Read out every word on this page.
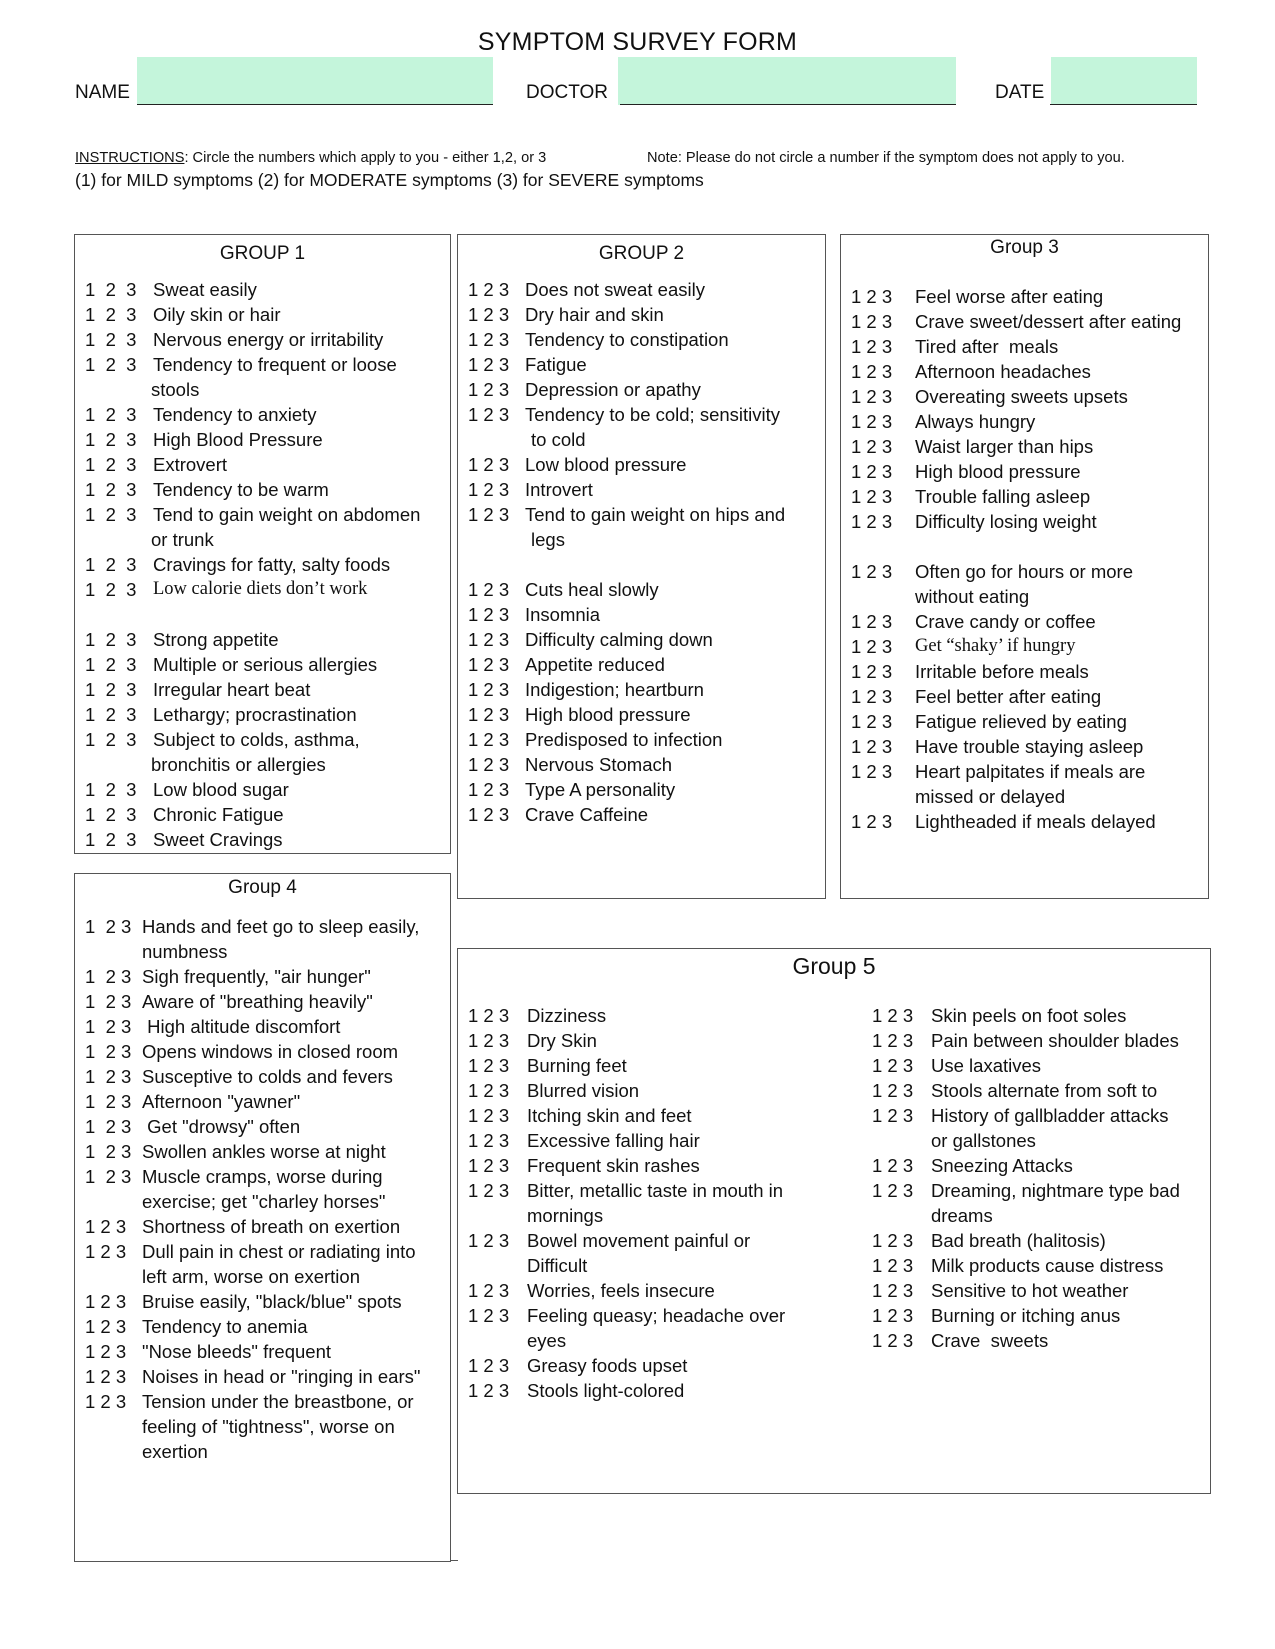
SYMPTOM SURVEY FORM
NAME	DOCTOR	DATE
INSTRUCTIONS: Circle the numbers which apply to you - either 1,2, or 3	Note: Please do not circle a number if the symptom does not apply to you.
(1) for MILD symptoms (2) for MODERATE symptoms (3) for SEVERE symptoms
GROUP 1
1  2  3 Sweat easily
1  2  3 Oily skin or hair
1  2  3 Nervous energy or irritability
1  2  3 Tendency to frequent or loose
stools
1  2  3 Tendency to anxiety
1  2  3 High Blood Pressure
1  2  3 Extrovert
1  2  3 Tendency to be warm
1  2  3 Tend to gain weight on abdomen
or trunk
1  2  3 Cravings for fatty, salty foods
1  2  3 Low calorie diets don’t work
1  2  3 Strong appetite
1  2  3 Multiple or serious allergies
1  2  3 Irregular heart beat
1  2  3 Lethargy; procrastination
1  2  3 Subject to colds, asthma,
bronchitis or allergies
1  2  3 Low blood sugar
1  2  3 Chronic Fatigue
1  2  3 Sweet Cravings
Group 4
1  2 3 Hands and feet go to sleep easily,
numbness
1  2 3 Sigh frequently, "air hunger"
1  2 3 Aware of "breathing heavily"
1  2 3 High altitude discomfort
1  2 3 Opens windows in closed room
1  2 3 Susceptive to colds and fevers
1  2 3 Afternoon "yawner"
1  2 3 Get "drowsy" often
1  2 3 Swollen ankles worse at night
1  2 3 Muscle cramps, worse during
exercise; get "charley horses"
1 2 3 Shortness of breath on exertion
1 2 3 Dull pain in chest or radiating into
left arm, worse on exertion
1 2 3 Bruise easily, "black/blue" spots
1 2 3 Tendency to anemia
1 2 3 "Nose bleeds" frequent
1 2 3 Noises in head or "ringing in ears"
1 2 3 Tension under the breastbone, or
feeling of "tightness", worse on
exertion
GROUP 2
1 2 3 Does not sweat easily
1 2 3 Dry hair and skin
1 2 3 Tendency to constipation
1 2 3 Fatigue
1 2 3 Depression or apathy
1 2 3 Tendency to be cold; sensitivity
to cold
1 2 3 Low blood pressure
1 2 3 Introvert
1 2 3 Tend to gain weight on hips and
legs
1 2 3 Cuts heal slowly
1 2 3 Insomnia
1 2 3 Difficulty calming down
1 2 3 Appetite reduced
1 2 3 Indigestion; heartburn
1 2 3 High blood pressure
1 2 3 Predisposed to infection
1 2 3 Nervous Stomach
1 2 3 Type A personality
1 2 3 Crave Caffeine
Group 3
1 2 3	Feel worse after eating
1 2 3	Crave sweet/dessert after eating
1 2 3	Tired after  meals
1 2 3	Afternoon headaches
1 2 3	Overeating sweets upsets
1 2 3	Always hungry
1 2 3	Waist larger than hips
1 2 3	High blood pressure
1 2 3	Trouble falling asleep
1 2 3	Difficulty losing weight
1 2 3	Often go for hours or more
without eating
1 2 3	Crave candy or coffee
1 2 3	Get “shaky’ if hungry
1 2 3	Irritable before meals
1 2 3	Feel better after eating
1 2 3	Fatigue relieved by eating
1 2 3	Have trouble staying asleep
1 2 3	Heart palpitates if meals are
missed or delayed
1 2 3	Lightheaded if meals delayed
Group 5
1 2 3 Dizziness
1 2 3 Dry Skin
1 2 3 Burning feet
1 2 3 Blurred vision
1 2 3 Itching skin and feet
1 2 3 Excessive falling hair
1 2 3 Frequent skin rashes
1 2 3 Bitter, metallic taste in mouth in
mornings
1 2 3 Bowel movement painful or
Difficult
1 2 3 Worries, feels insecure
1 2 3 Feeling queasy; headache over
eyes
1 2 3 Greasy foods upset
1 2 3 Stools light-colored
1 2 3 Skin peels on foot soles
1 2 3 Pain between shoulder blades
1 2 3 Use laxatives
1 2 3 Stools alternate from soft to
1 2 3 History of gallbladder attacks
or gallstones
1 2 3 Sneezing Attacks
1 2 3 Dreaming, nightmare type bad
dreams
1 2 3 Bad breath (halitosis)
1 2 3 Milk products cause distress
1 2 3 Sensitive to hot weather
1 2 3 Burning or itching anus
1 2 3 Crave  sweets
